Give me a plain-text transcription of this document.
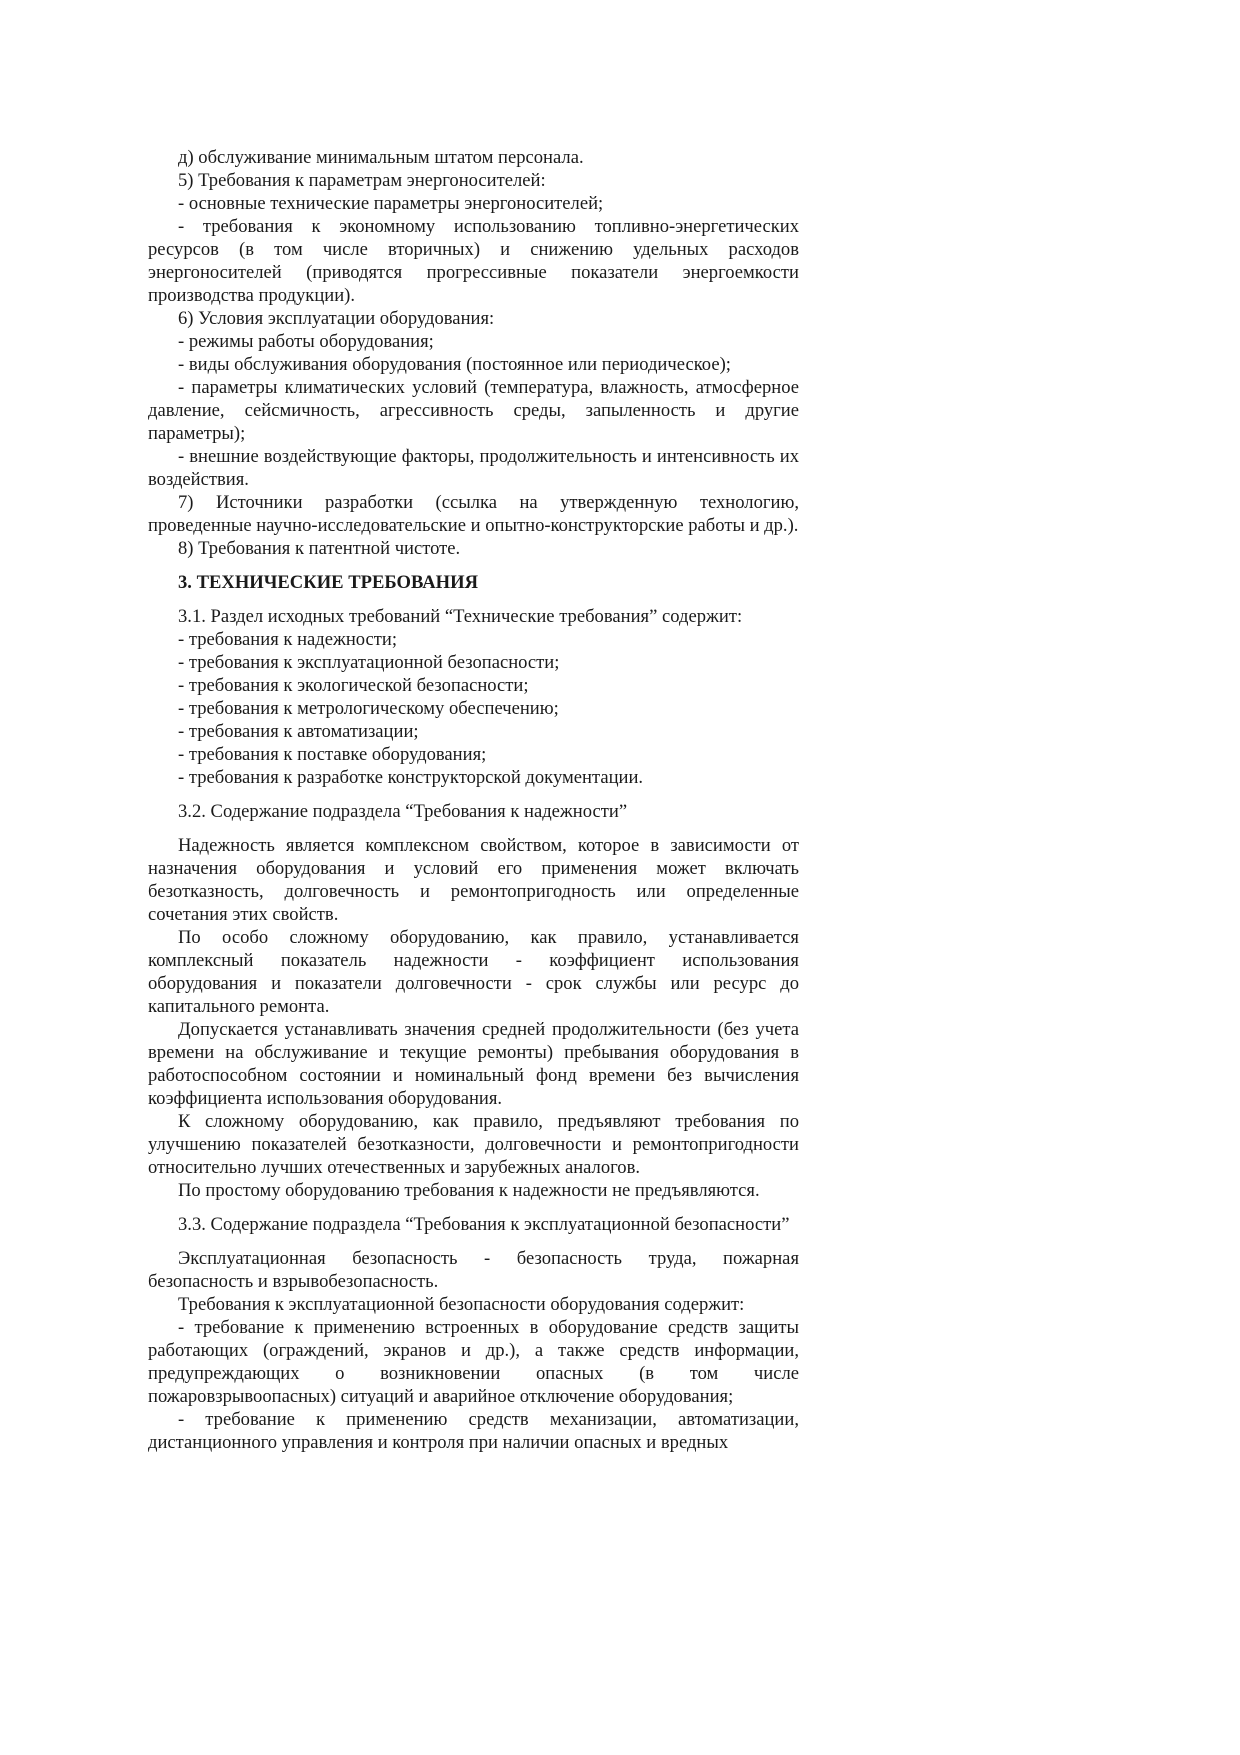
д) обслуживание минимальным штатом персонала.

5) Требования к параметрам энергоносителей:

- основные технические параметры энергоносителей;

- требования к экономному использованию топливно-энергетических ресурсов (в том числе вторичных) и снижению удельных расходов энергоносителей (приводятся прогрессивные показатели энергоемкости производства продукции).

6) Условия эксплуатации оборудования:

- режимы работы оборудования;

- виды обслуживания оборудования (постоянное или периодическое);

- параметры климатических условий (температура, влажность, атмосферное давление, сейсмичность, агрессивность среды, запыленность и другие параметры);

- внешние воздействующие факторы, продолжительность и интенсивность их воздействия.

7) Источники разработки (ссылка на утвержденную технологию, проведенные научно-исследовательские и опытно-конструкторские работы и др.).

8) Требования к патентной чистоте.

3. ТЕХНИЧЕСКИЕ ТРЕБОВАНИЯ

3.1. Раздел исходных требований “Технические требования” содержит:

- требования к надежности;

- требования к эксплуатационной безопасности;

- требования к экологической безопасности;

- требования к метрологическому обеспечению;

- требования к автоматизации;

- требования к поставке оборудования;

- требования к разработке конструкторской документации.

3.2. Содержание подраздела “Требования к надежности”

Надежность является комплексном свойством, которое в зависимости от назначения оборудования и условий его применения может включать безотказность, долговечность и ремонтопригодность или определенные сочетания этих свойств.

По особо сложному оборудованию, как правило, устанавливается комплексный показатель надежности - коэффициент использования оборудования и показатели долговечности - срок службы или ресурс до капитального ремонта.

Допускается устанавливать значения средней продолжительности (без учета времени на обслуживание и текущие ремонты) пребывания оборудования в работоспособном состоянии и номинальный фонд времени без вычисления коэффициента использования оборудования.

К сложному оборудованию, как правило, предъявляют требования по улучшению показателей безотказности, долговечности и ремонтопригодности относительно лучших отечественных и зарубежных аналогов.

По простому оборудованию требования к надежности не предъявляются.

3.3. Содержание подраздела “Требования к эксплуатационной безопасности”

Эксплуатационная безопасность - безопасность труда, пожарная безопасность и взрывобезопасность.

Требования к эксплуатационной безопасности оборудования содержит:

- требование к применению встроенных в оборудование средств защиты работающих (ограждений, экранов и др.), а также средств информации, предупреждающих о возникновении опасных (в том числе пожаровзрывоопасных) ситуаций и аварийное отключение оборудования;

- требование к применению средств механизации, автоматизации, дистанционного управления и контроля при наличии опасных и вредных
